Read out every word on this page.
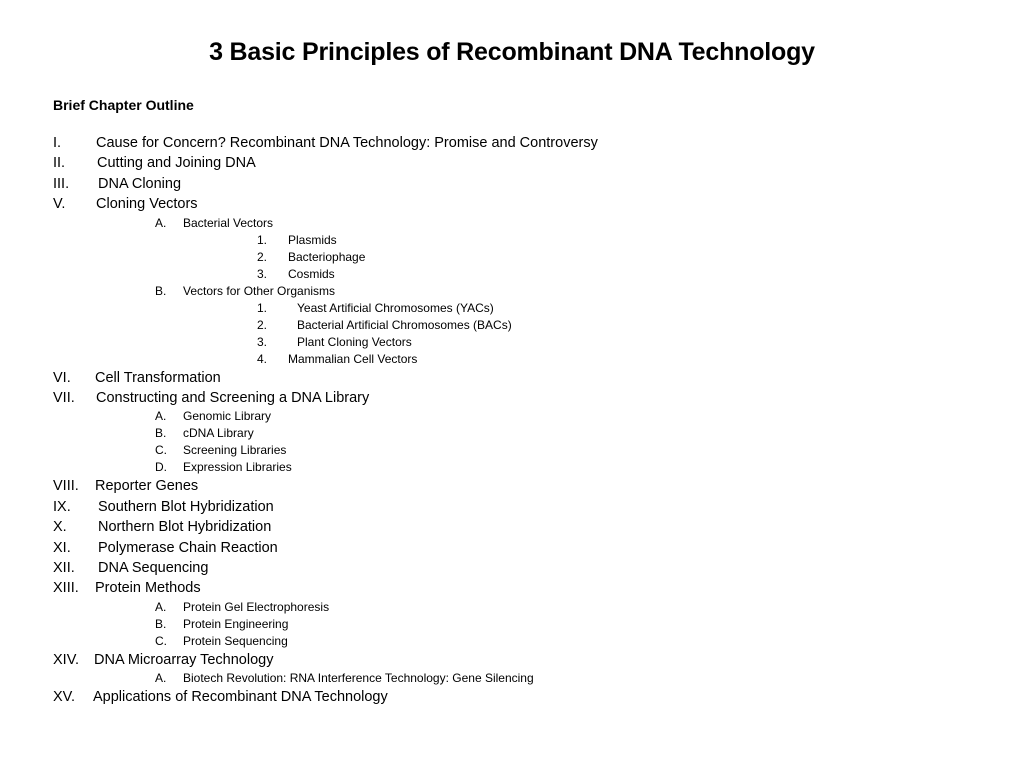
3 Basic Principles of Recombinant DNA Technology
Brief Chapter Outline
I. Cause for Concern? Recombinant DNA Technology: Promise and Controversy
II. Cutting and Joining DNA
III. DNA Cloning
V. Cloning Vectors
A. Bacterial Vectors
1. Plasmids
2. Bacteriophage
3. Cosmids
B. Vectors for Other Organisms
1. Yeast Artificial Chromosomes (YACs)
2. Bacterial Artificial Chromosomes (BACs)
3. Plant Cloning Vectors
4. Mammalian Cell Vectors
VI. Cell Transformation
VII. Constructing and Screening a DNA Library
A. Genomic Library
B. cDNA Library
C. Screening Libraries
D. Expression Libraries
VIII. Reporter Genes
IX. Southern Blot Hybridization
X. Northern Blot Hybridization
XI. Polymerase Chain Reaction
XII. DNA Sequencing
XIII. Protein Methods
A. Protein Gel Electrophoresis
B. Protein Engineering
C. Protein Sequencing
XIV. DNA Microarray Technology
A. Biotech Revolution: RNA Interference Technology: Gene Silencing
XV. Applications of Recombinant DNA Technology
